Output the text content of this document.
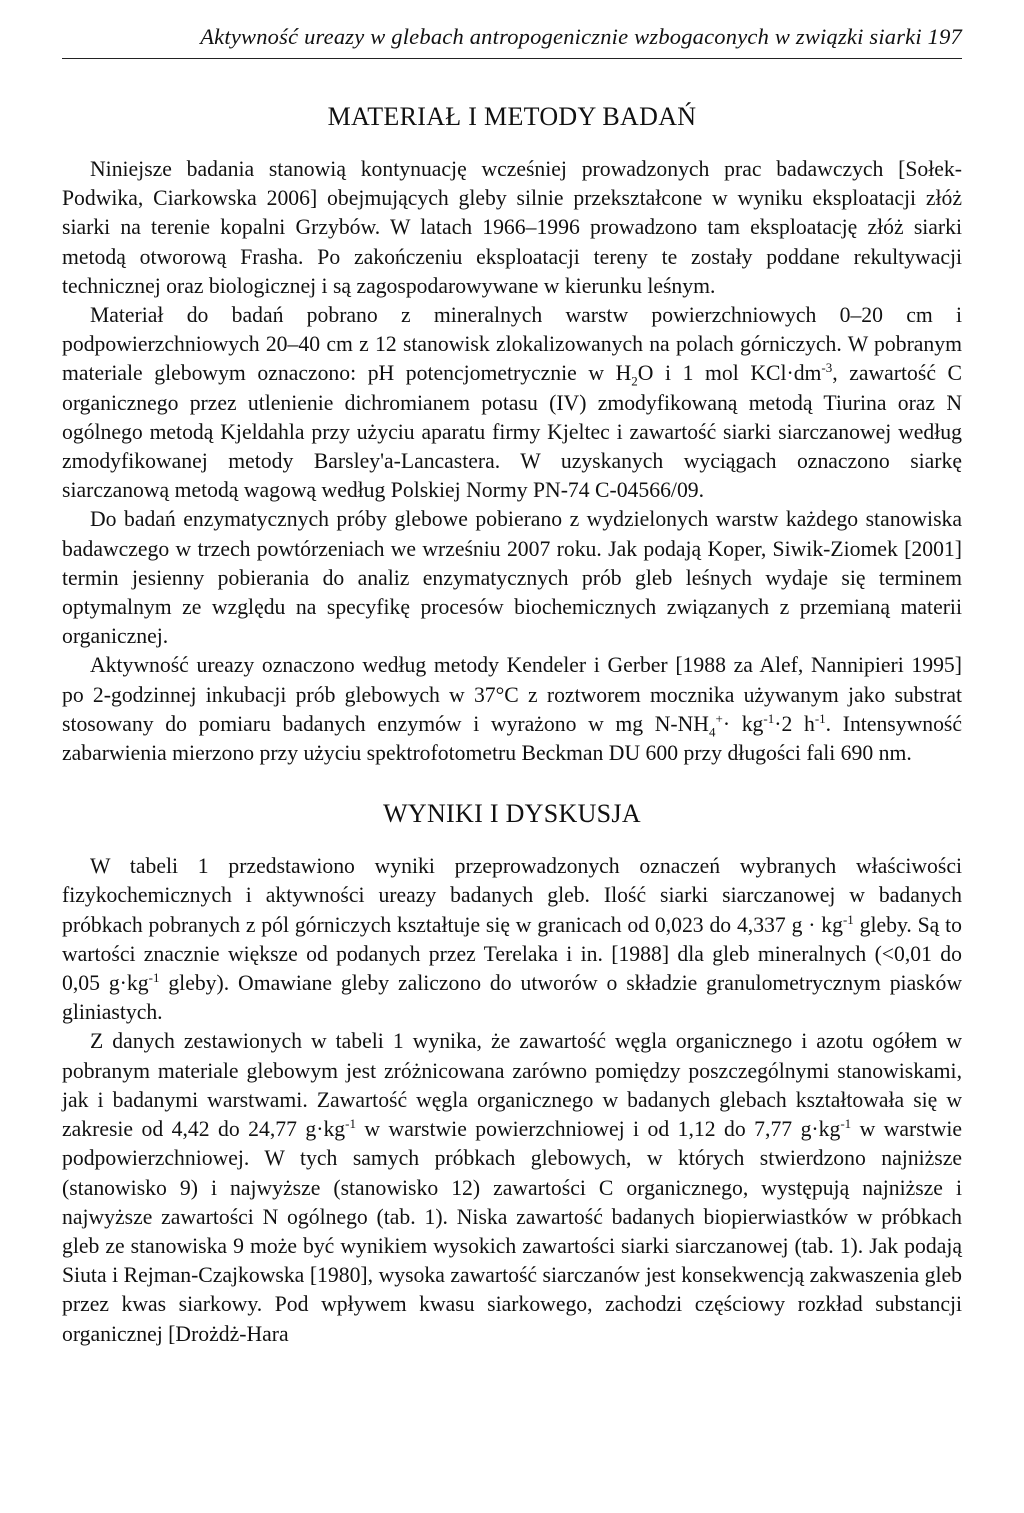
Aktywność ureazy w glebach antropogenicznie wzbogaconych w związki siarki 197
MATERIAŁ I METODY BADAŃ

Niniejsze badania stanowią kontynuację wcześniej prowadzonych prac badawczych [Sołek-Podwika, Ciarkowska 2006] obejmujących gleby silnie przekształcone w wyniku eksploatacji złóż siarki na terenie kopalni Grzybów. W latach 1966–1996 prowadzono tam eksploatację złóż siarki metodą otworową Frasha. Po zakończeniu eksploatacji tereny te zostały poddane rekultywacji technicznej oraz biologicznej i są zagospodarowywane w kierunku leśnym.

Materiał do badań pobrano z mineralnych warstw powierzchniowych 0–20 cm i podpowierzchniowych 20–40 cm z 12 stanowisk zlokalizowanych na polach górniczych. W pobranym materiale glebowym oznaczono: pH potencjometrycznie w $H_2O$ i 1 mol $KCl\cdot dm^{-3}$, zawartość C organicznego przez utlenienie dichromianem potasu (IV) zmodyfikowaną metodą Tiurina oraz N ogólnego metodą Kjeldahla przy użyciu aparatu firmy Kjeltec i zawartość siarki siarczanowej według zmodyfikowanej metody Barsley'a-Lancastera. W uzyskanych wyciągach oznaczono siarkę siarczanową metodą wagową według Polskiej Normy PN-74 C-04566/09.

Do badań enzymatycznych próby glebowe pobierano z wydzielonych warstw każdego stanowiska badawczego w trzech powtórzeniach we wrześniu 2007 roku. Jak podają Koper, Siwik-Ziomek [2001] termin jesienny pobierania do analiz enzymatycznych prób gleb leśnych wydaje się terminem optymalnym ze względu na specyfikę procesów biochemicznych związanych z przemianą materii organicznej.

Aktywność ureazy oznaczono według metody Kendeler i Gerber [1988 za Alef, Nannipieri 1995] po 2-godzinnej inkubacji prób glebowych w 37°C z roztworem mocznika używanym jako substrat stosowany do pomiaru badanych enzymów i wyrażono w mg $N-NH_4^+\cdot kg^{-1}\cdot 2$ $h^{-1}$. Intensywność zabarwienia mierzono przy użyciu spektrofotometru Beckman DU 600 przy długości fali 690 nm.

WYNIKI I DYSKUSJA

W tabeli 1 przedstawiono wyniki przeprowadzonych oznaczeń wybranych właściwości fizykochemicznych i aktywności ureazy badanych gleb. Ilość siarki siarczanowej w badanych próbkach pobranych z pól górniczych kształtuje się w granicach od 0,023 do 4,337 $g \cdot kg^{-1}$ gleby. Są to wartości znacznie większe od podanych przez Terelaka i in. [1988] dla gleb mineralnych (<0,01 do 0,05 $g\cdot kg^{-1}$ gleby). Omawiane gleby zaliczono do utworów o składzie granulometrycznym piasków gliniastych.

Z danych zestawionych w tabeli 1 wynika, że zawartość węgla organicznego i azotu ogółem w pobranym materiale glebowym jest zróżnicowana zarówno pomiędzy poszczególnymi stanowiskami, jak i badanymi warstwami. Zawartość węgla organicznego w badanych glebach kształtowała się w zakresie od 4,42 do 24,77 $g\cdot kg^{-1}$ w warstwie powierzchniowej i od 1,12 do 7,77 $g\cdot kg^{-1}$ w warstwie podpowierzchniowej. W tych samych próbkach glebowych, w których stwierdzono najniższe (stanowisko 9) i najwyższe (stanowisko 12) zawartości C organicznego, występują najniższe i najwyższe zawartości N ogólnego (tab. 1). Niska zawartość badanych biopierwiastków w próbkach gleb ze stanowiska 9 może być wynikiem wysokich zawartości siarki siarczanowej (tab. 1). Jak podają Siuta i Rejman-Czajkowska [1980], wysoka zawartość siarczanów jest konsekwencją zakwaszenia gleb przez kwas siarkowy. Pod wpływem kwasu siarkowego, zachodzi częściowy rozkład substancji organicznej [Drożdż-Hara
